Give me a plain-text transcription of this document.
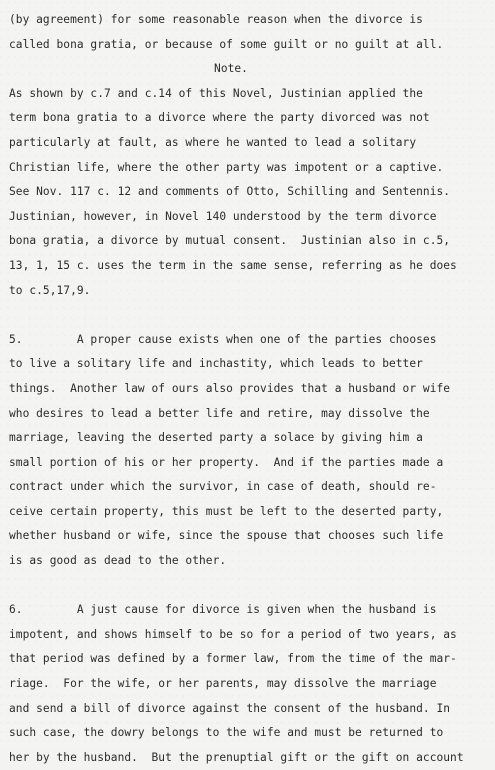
(by agreement) for some reasonable reason when the divorce is
called bona gratia, or because of some guilt or no guilt at all.
Note.
As shown by c.7 and c.14 of this Novel, Justinian applied the
term bona gratia to a divorce where the party divorced was not
particularly at fault, as where he wanted to lead a solitary
Christian life, where the other party was impotent or a captive.
See Nov. 117 c. 12 and comments of Otto, Schilling and Sentennis.
Justinian, however, in Novel 140 understood by the term divorce
bona gratia, a divorce by mutual consent.  Justinian also in c.5,
13, 1, 15 c. uses the term in the same sense, referring as he does
to c.5,17,9.
5.        A proper cause exists when one of the parties chooses
to live a solitary life and inchastity, which leads to better
things.  Another law of ours also provides that a husband or wife
who desires to lead a better life and retire, may dissolve the
marriage, leaving the deserted party a solace by giving him a
small portion of his or her property.  And if the parties made a
contract under which the survivor, in case of death, should re-
ceive certain property, this must be left to the deserted party,
whether husband or wife, since the spouse that chooses such life
is as good as dead to the other.
6.        A just cause for divorce is given when the husband is
impotent, and shows himself to be so for a period of two years, as
that period was defined by a former law, from the time of the mar-
riage.  For the wife, or her parents, may dissolve the marriage
and send a bill of divorce against the consent of the husband. In
such case, the dowry belongs to the wife and must be returned to
her by the husband.  But the prenuptial gift or the gift on account
